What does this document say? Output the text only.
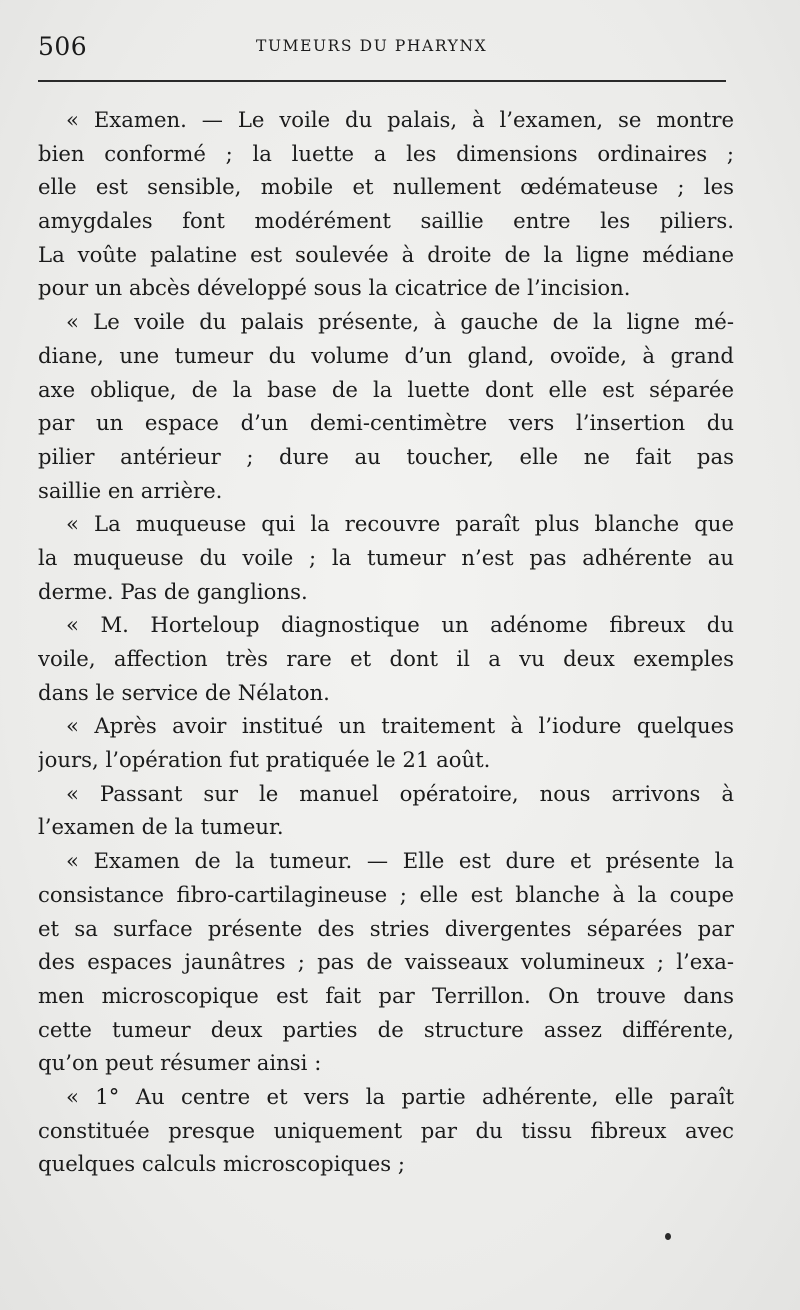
506	TUMEURS DU PHARYNX
« Examen. — Le voile du palais, à l’examen, se montre
bien conformé ; la luette a les dimensions ordinaires ;
elle est sensible, mobile et nullement œdémateuse ; les
amygdales font modérément saillie entre les piliers.
La voûte palatine est soulevée à droite de la ligne médiane
pour un abcès développé sous la cicatrice de l’incision.
« Le voile du palais présente, à gauche de la ligne mé-
diane, une tumeur du volume d’un gland, ovoïde, à grand
axe oblique, de la base de la luette dont elle est séparée
par un espace d’un demi-centimètre vers l’insertion du
pilier antérieur ; dure au toucher, elle ne fait pas
saillie en arrière.
« La muqueuse qui la recouvre paraît plus blanche que
la muqueuse du voile ; la tumeur n’est pas adhérente au
derme. Pas de ganglions.
« M. Horteloup diagnostique un adénome fibreux du
voile, affection très rare et dont il a vu deux exemples
dans le service de Nélaton.
« Après avoir institué un traitement à l’iodure quelques
jours, l’opération fut pratiquée le 21 août.
« Passant sur le manuel opératoire, nous arrivons à
l’examen de la tumeur.
« Examen de la tumeur. — Elle est dure et présente la
consistance fibro-cartilagineuse ; elle est blanche à la coupe
et sa surface présente des stries divergentes séparées par
des espaces jaunâtres ; pas de vaisseaux volumineux ; l’exa-
men microscopique est fait par Terrillon. On trouve dans
cette tumeur deux parties de structure assez différente,
qu’on peut résumer ainsi :
« 1° Au centre et vers la partie adhérente, elle paraît
constituée presque uniquement par du tissu fibreux avec
quelques calculs microscopiques ;
